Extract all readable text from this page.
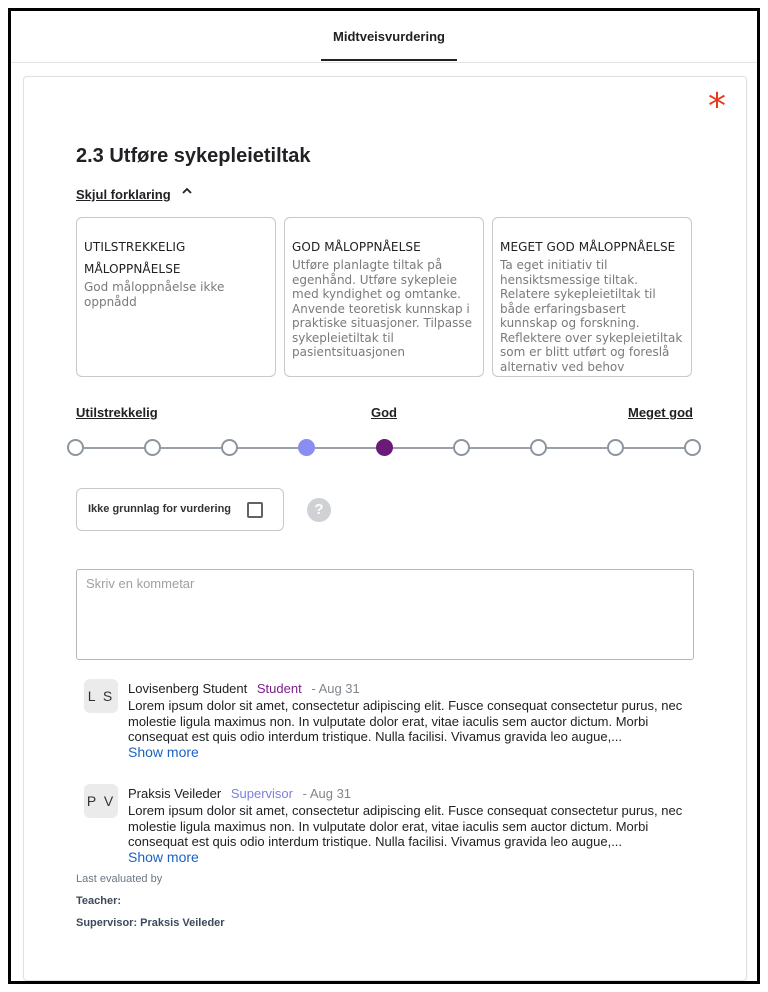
Midtveisvurdering
*
2.3 Utføre sykepleietiltak
Skjul forklaring
UTILSTREKKELIG
MÅLOPPNÅELSE
God måloppnåelse ikke oppnådd
GOD MÅLOPPNÅELSE
Utføre planlagte tiltak på egenhånd. Utføre sykepleie med kyndighet og omtanke. Anvende teoretisk kunnskap i praktiske situasjoner. Tilpasse sykepleietiltak til pasientsituasjonen
MEGET GOD MÅLOPPNÅELSE
Ta eget initiativ til hensiktsmessige tiltak. Relatere sykepleietiltak til både erfaringsbasert kunnskap og forskning. Reflektere over sykepleietiltak som er blitt utført og foreslå alternativ ved behov
Utilstrekkelig	God	Meget god
Ikke grunnlag for vurdering	?
Skriv en kommetar
L S Lovisenberg Student Student - Aug 31
Lorem ipsum dolor sit amet, consectetur adipiscing elit. Fusce consequat consectetur purus, nec molestie ligula maximus non. In vulputate dolor erat, vitae iaculis sem auctor dictum. Morbi consequat est quis odio interdum tristique. Nulla facilisi. Vivamus gravida leo augue,...
Show more
P V Praksis Veileder Supervisor - Aug 31
Lorem ipsum dolor sit amet, consectetur adipiscing elit. Fusce consequat consectetur purus, nec molestie ligula maximus non. In vulputate dolor erat, vitae iaculis sem auctor dictum. Morbi consequat est quis odio interdum tristique. Nulla facilisi. Vivamus gravida leo augue,...
Show more
Last evaluated by
Teacher:
Supervisor: Praksis Veileder
